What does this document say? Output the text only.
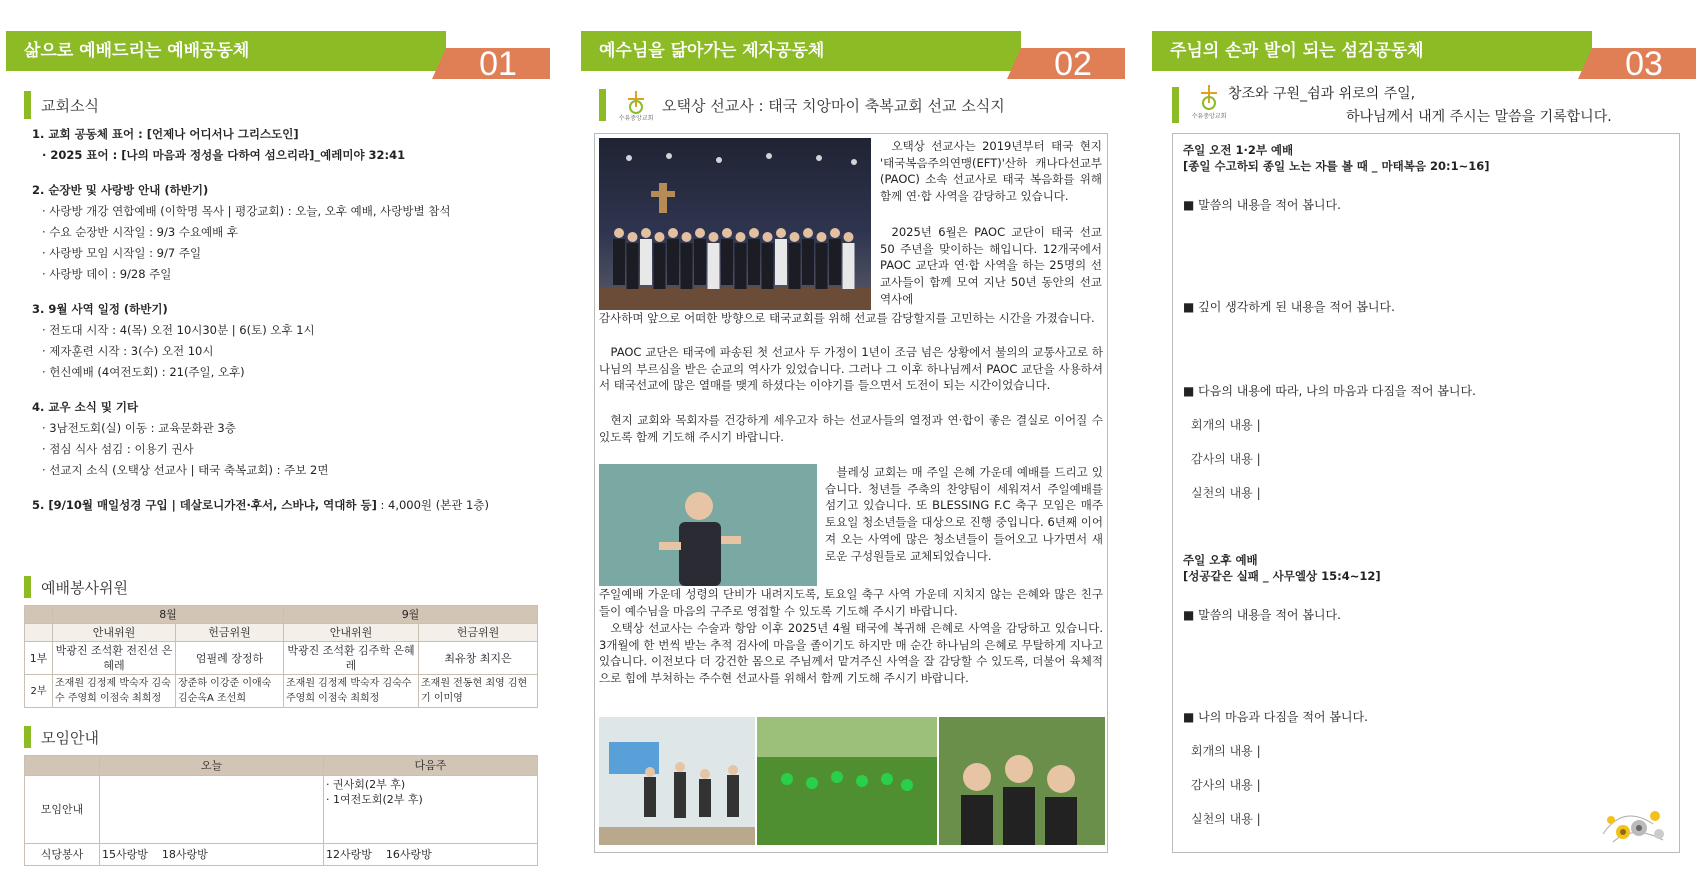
삶으로 예배드리는 예배공동체	01
교회소식
1. 교회 공동체 표어 : [언제나 어디서나 그리스도인]
· 2025 표어 : [나의 마음과 정성을 다하여 섬으리라]_예레미야 32:41
2. 순장반 및 사랑방 안내 (하반기)
· 사랑방 개강 연합예배 (이학명 목사 | 평강교회) : 오늘, 오후 예배, 사랑방별 참석
· 수요 순장반 시작일 : 9/3 수요예배 후
· 사랑방 모임 시작일 : 9/7 주일
· 사랑방 데이 : 9/28 주일
3. 9월 사역 일정 (하반기)
· 전도대 시작 : 4(목) 오전 10시30분 | 6(토) 오후 1시
· 제자훈련 시작 : 3(수) 오전 10시
· 헌신예배 (4여전도회) : 21(주일, 오후)
4. 교우 소식 및 기타
· 3남전도회(실) 이동 : 교육문화관 3층
· 점심 식사 섬김 : 이용기 권사
· 선교지 소식 (오택상 선교사 | 태국 축복교회) : 주보 2면
5. [9/10월 매일성경 구입 | 데살로니가전·후서, 스바냐, 역대하 등] : 4,000원 (본관 1층)
예배봉사위원
	8월		9월	
	안내위원	헌금위원	안내위원	헌금위원
1부	박광진 조석환 전진선 은혜레	엄필례 장정하	박광진 조석환 김주학 은혜레	최유창 최지은
2부	조재원 김정제 박숙자 김숙수 주영희 이점숙 최희정	장준하 이강준 이애숙 김순옥A 조선희	조재원 김정제 박숙자 김숙수 주영희 이점숙 최희정	조재원 전동현 최영 김현기 이미영
모임안내
	오늘	다음주
모임안내		· 권사회(2부 후)
· 1여전도회(2부 후)

식당봉사	15사랑방    18사랑방	12사랑방    16사랑방
예수님을 닮아가는 제자공동체	02
수유중앙교회
오택상 선교사 : 태국 치앙마이 축복교회 선교 소식지
오택상 선교사는 2019년부터 태국 현지 '태국복음주의연맹(EFT)'산하 캐나다선교부 (PAOC) 소속 선교사로 태국 복음화를 위해 함께 연·합 사역을 감당하고 있습니다.
2025년 6월은 PAOC 교단이 태국 선교 50 주년을 맞이하는 해입니다. 12개국에서 PAOC 교단과 연·합 사역을 하는 25명의 선교사들이 함께 모여 지난 50년 동안의 선교역사에
감사하며 앞으로 어떠한 방향으로 태국교회를 위해 선교를 감당할지를 고민하는 시간을 가졌습니다.
PAOC 교단은 태국에 파송된 첫 선교사 두 가정이 1년이 조금 넘은 상황에서 불의의 교통사고로 하나님의 부르심을 받은 순교의 역사가 있었습니다. 그러나 그 이후 하나님께서 PAOC 교단을 사용하셔서 태국선교에 많은 열매를 맺게 하셨다는 이야기를 들으면서 도전이 되는 시간이었습니다.
현지 교회와 목회자를 건강하게 세우고자 하는 선교사들의 열정과 연·합이 좋은 결실로 이어질 수 있도록 함께 기도해 주시기 바랍니다.
블레싱 교회는 매 주일 은혜 가운데 예배를 드리고 있습니다. 청년들 주축의 찬양팀이 세워져서 주일예배를 섬기고 있습니다. 또 BLESSING F.C 축구 모임은 매주 토요일 청소년들을 대상으로 진행 중입니다. 6년째 이어져 오는 사역에 많은 청소년들이 들어오고 나가면서 새로운 구성원들로 교체되었습니다.
주일예배 가운데 성령의 단비가 내려지도록, 토요일 축구 사역 가운데 지치지 않는 은혜와 많은 친구들이 예수님을 마음의 구주로 영접할 수 있도록 기도해 주시기 바랍니다.
오택상 선교사는 수술과 항암 이후 2025년 4월 태국에 복귀해 은혜로 사역을 감당하고 있습니다. 3개월에 한 번씩 받는 추적 검사에 마음을 졸이기도 하지만 매 순간 하나님의 은혜로 무탈하게 지나고 있습니다. 이전보다 더 강건한 몸으로 주님께서 맡겨주신 사역을 잘 감당할 수 있도록, 더불어 육체적으로 힘에 부쳐하는 주수현 선교사를 위해서 함께 기도해 주시기 바랍니다.
주님의 손과 발이 되는 섬김공동체	03
수유중앙교회
창조와 구원_쉼과 위로의 주일,
하나님께서 내게 주시는 말씀을 기록합니다.
주일 오전 1·2부 예배
[종일 수고하되 종일 노는 자를 볼 때 _ 마태복음 20:1~16]
■ 말씀의 내용을 적어 봅니다.
■ 깊이 생각하게 된 내용을 적어 봅니다.
■ 다음의 내용에 따라, 나의 마음과 다짐을 적어 봅니다.
회개의 내용 |
감사의 내용 |
실천의 내용 |
주일 오후 예배
[성공같은 실패 _ 사무엘상 15:4~12]
■ 말씀의 내용을 적어 봅니다.
■ 나의 마음과 다짐을 적어 봅니다.
회개의 내용 |
감사의 내용 |
실천의 내용 |
